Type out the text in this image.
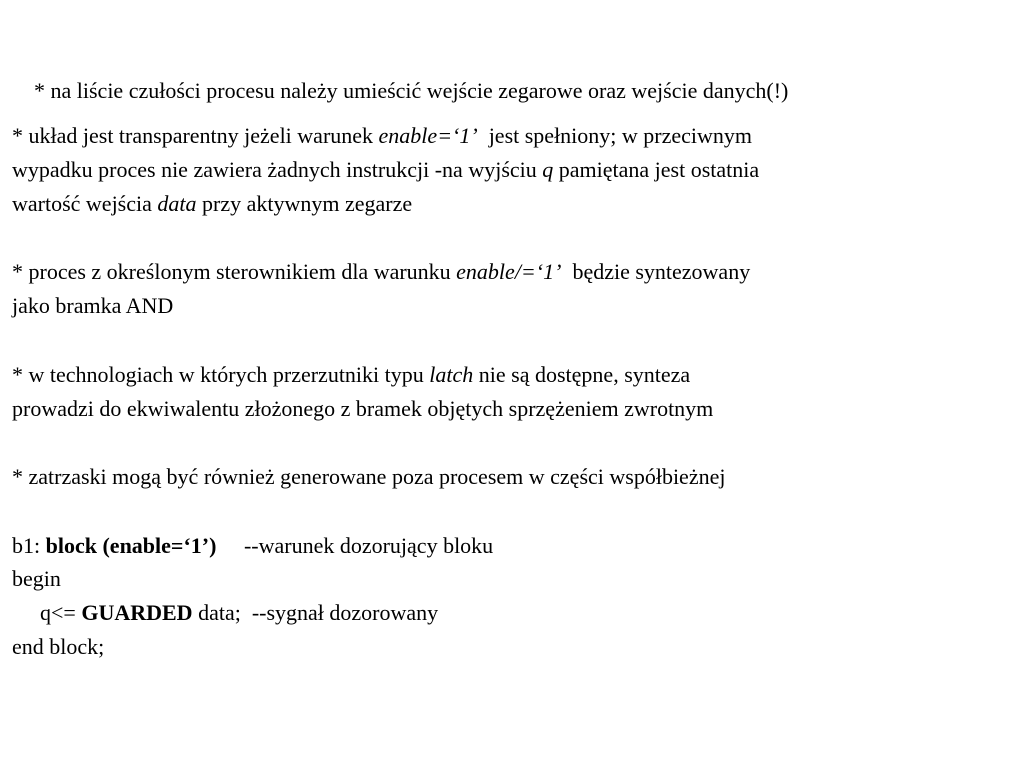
* na liście czułości procesu należy umieścić wejście zegarowe oraz wejście danych(!)

* układ jest transparentny jeżeli warunek enable=‘1’  jest spełniony; w przeciwnym
wypadku proces nie zawiera żadnych instrukcji -na wyjściu q pamiętana jest ostatnia
wartość wejścia data przy aktywnym zegarze
* proces z określonym sterownikiem dla warunku enable/=‘1’  będzie syntezowany
jako bramka AND
* w technologiach w których przerzutniki typu latch nie są dostępne, synteza
prowadzi do ekwiwalentu złożonego z bramek objętych sprzężeniem zwrotnym
* zatrzaski mogą być również generowane poza procesem w części współbieżnej
b1: block (enable=‘1’)     --warunek dozorujący bloku
begin
q<= GUARDED data;  --sygnał dozorowany
end block;
